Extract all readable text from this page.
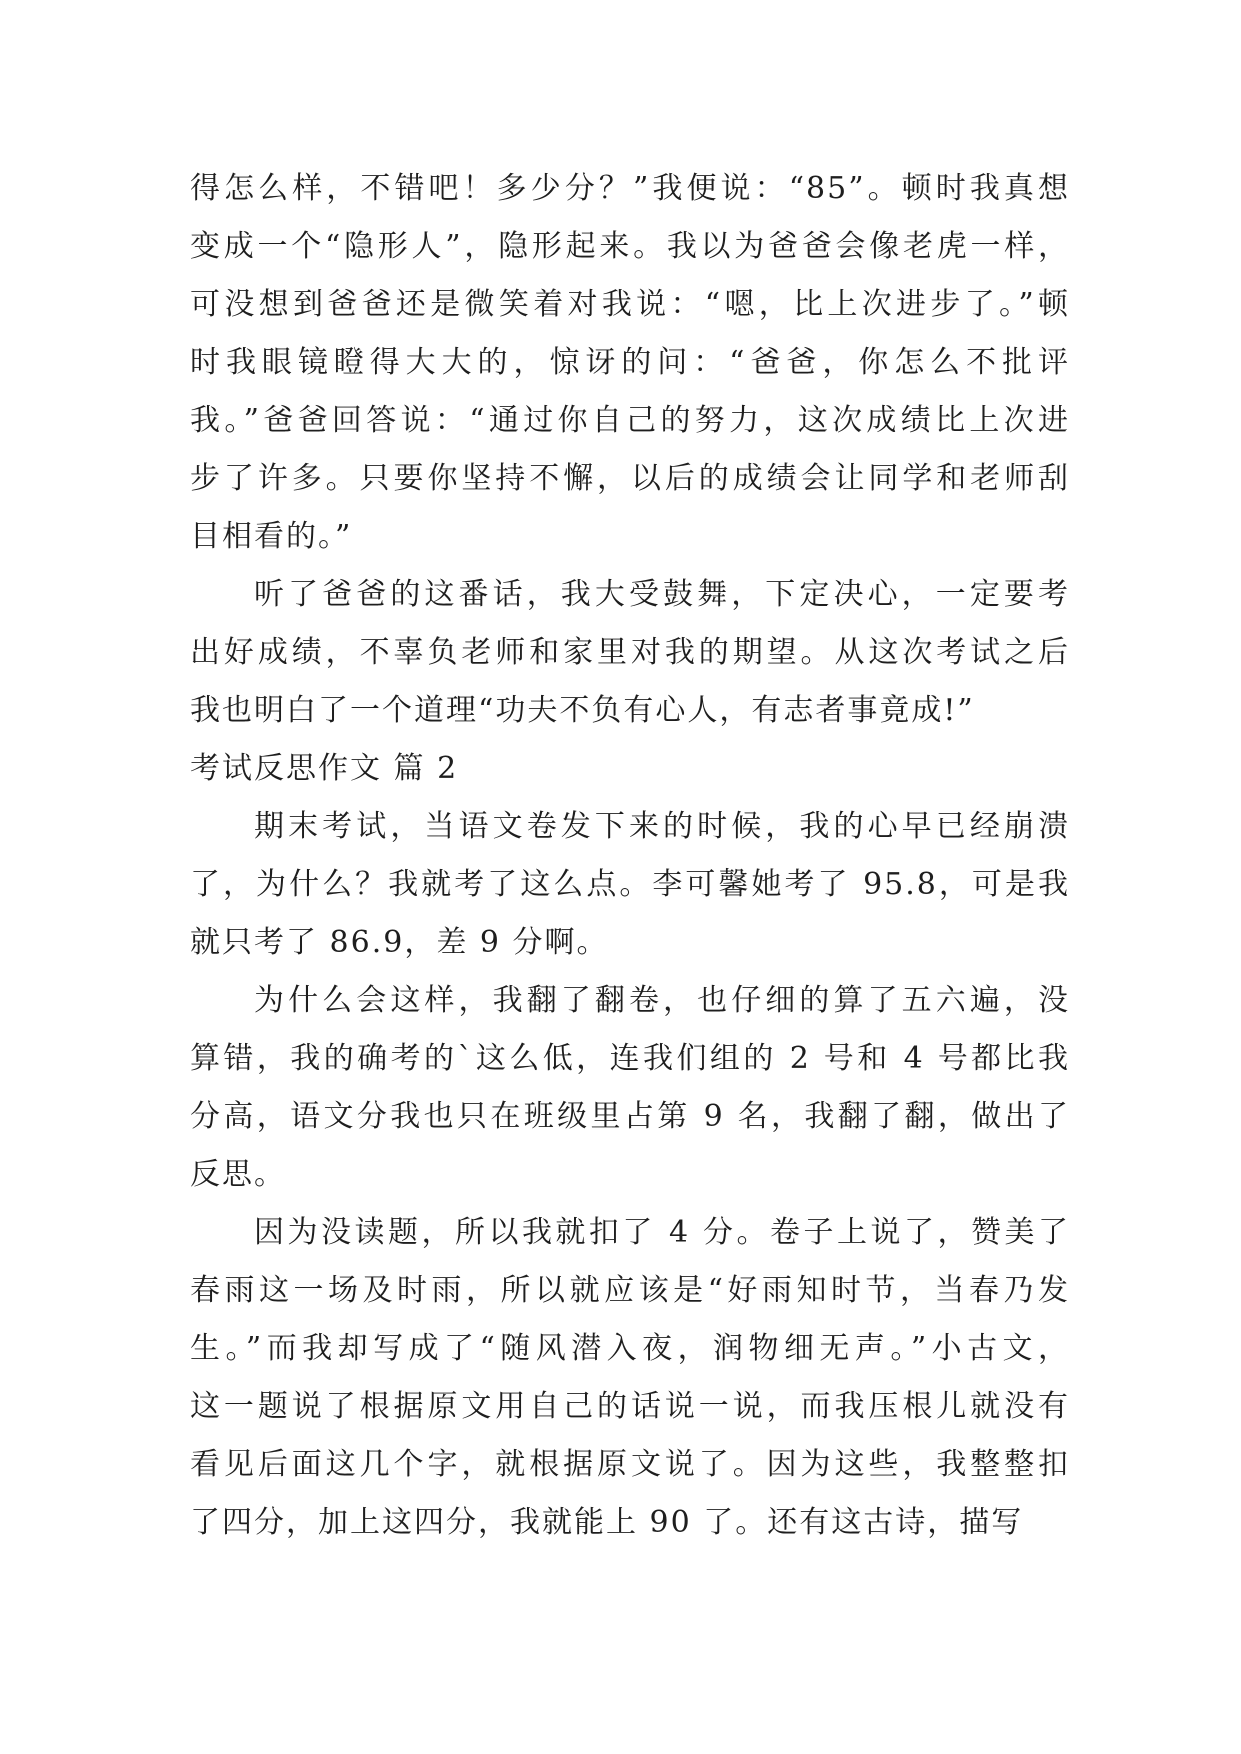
得怎么样，不错吧！多少分？”我便说：“85”。顿时我真想
变成一个“隐形人”，隐形起来。我以为爸爸会像老虎一样，
可没想到爸爸还是微笑着对我说：“嗯，比上次进步了。”顿
时我眼镜瞪得大大的，惊讶的问：“爸爸，你怎么不批评
我。”爸爸回答说：“通过你自己的努力，这次成绩比上次进
步了许多。只要你坚持不懈，以后的成绩会让同学和老师刮
目相看的。”
听了爸爸的这番话，我大受鼓舞，下定决心，一定要考
出好成绩，不辜负老师和家里对我的期望。从这次考试之后
我也明白了一个道理“功夫不负有心人，有志者事竟成!”
考试反思作文 篇 2
期末考试，当语文卷发下来的时候，我的心早已经崩溃
了，为什么？我就考了这么点。李可馨她考了 95.8，可是我
就只考了 86.9，差 9 分啊。
为什么会这样，我翻了翻卷，也仔细的算了五六遍，没
算错，我的确考的`这么低，连我们组的 2 号和 4 号都比我
分高，语文分我也只在班级里占第 9 名，我翻了翻，做出了
反思。
因为没读题，所以我就扣了 4 分。卷子上说了，赞美了
春雨这一场及时雨，所以就应该是“好雨知时节，当春乃发
生。”而我却写成了“随风潜入夜，润物细无声。”小古文，
这一题说了根据原文用自己的话说一说，而我压根儿就没有
看见后面这几个字，就根据原文说了。因为这些，我整整扣
了四分，加上这四分，我就能上 90 了。还有这古诗，描写
